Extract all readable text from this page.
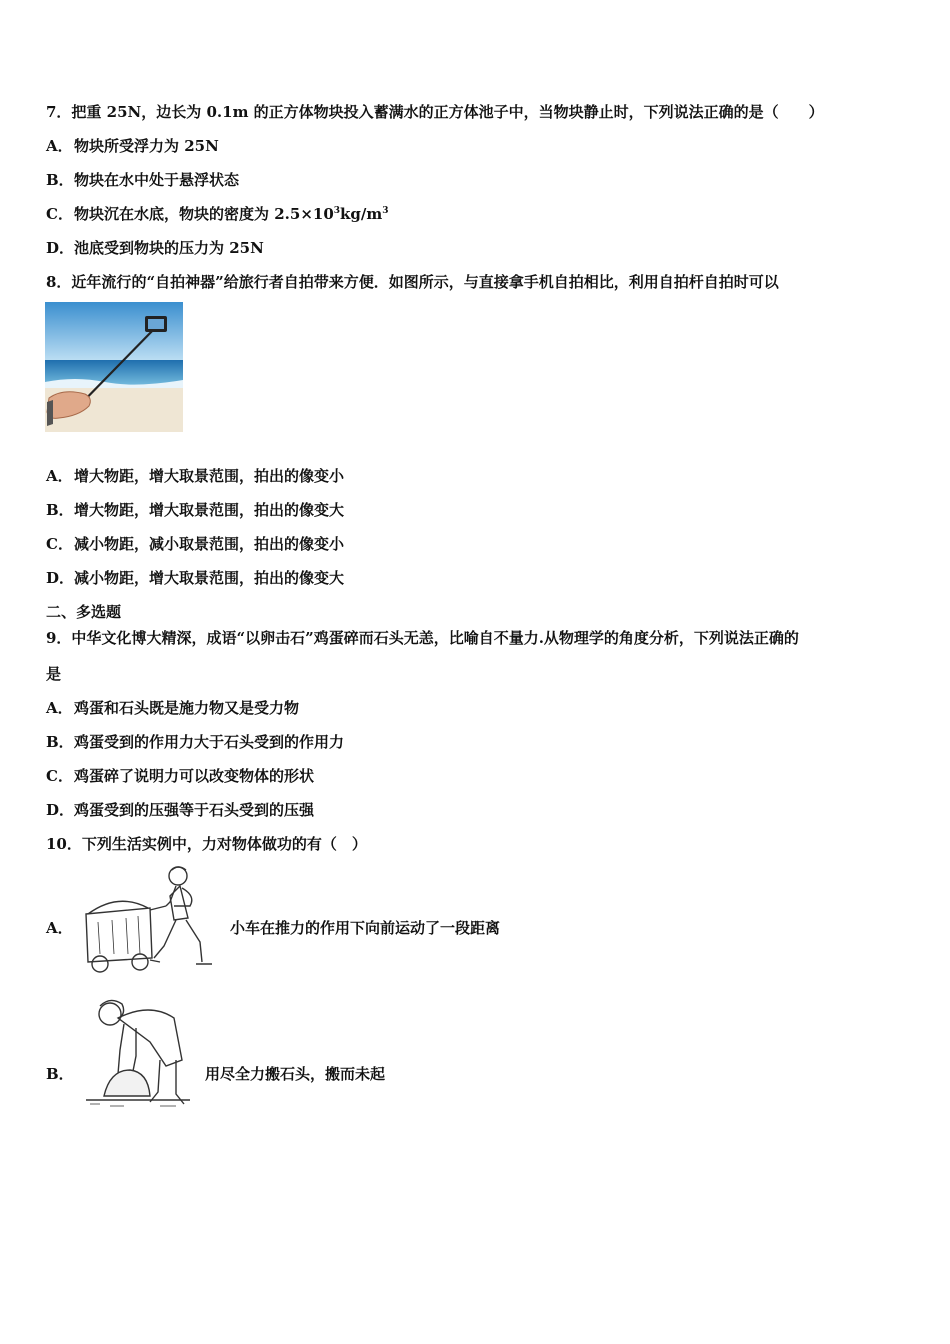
7．把重 25N，边长为 0.1m 的正方体物块投入蓄满水的正方体池子中，当物块静止时，下列说法正确的是（　　）
A．物块所受浮力为 25N
B．物块在水中处于悬浮状态
C．物块沉在水底，物块的密度为 $2.5\times 10^3kg/m^3$
D．池底受到物块的压力为 25N
8．近年流行的“自拍神器”给旅行者自拍带来方便．如图所示，与直接拿手机自拍相比，利用自拍杆自拍时可以
A．增大物距，增大取景范围，拍出的像变小
B．增大物距，增大取景范围，拍出的像变大
C．减小物距，减小取景范围，拍出的像变小
D．减小物距，增大取景范围，拍出的像变大
二、多选题
9．中华文化博大精深，成语“以卵击石”鸡蛋碎而石头无恙，比喻自不量力.从物理学的角度分析，下列说法正确的
是
A．鸡蛋和石头既是施力物又是受力物
B．鸡蛋受到的作用力大于石头受到的作用力
C．鸡蛋碎了说明力可以改变物体的形状
D．鸡蛋受到的压强等于石头受到的压强
10．下列生活实例中，力对物体做功的有（　）
A．	小车在推力的作用下向前运动了一段距离
B．	用尽全力搬石头，搬而未起
